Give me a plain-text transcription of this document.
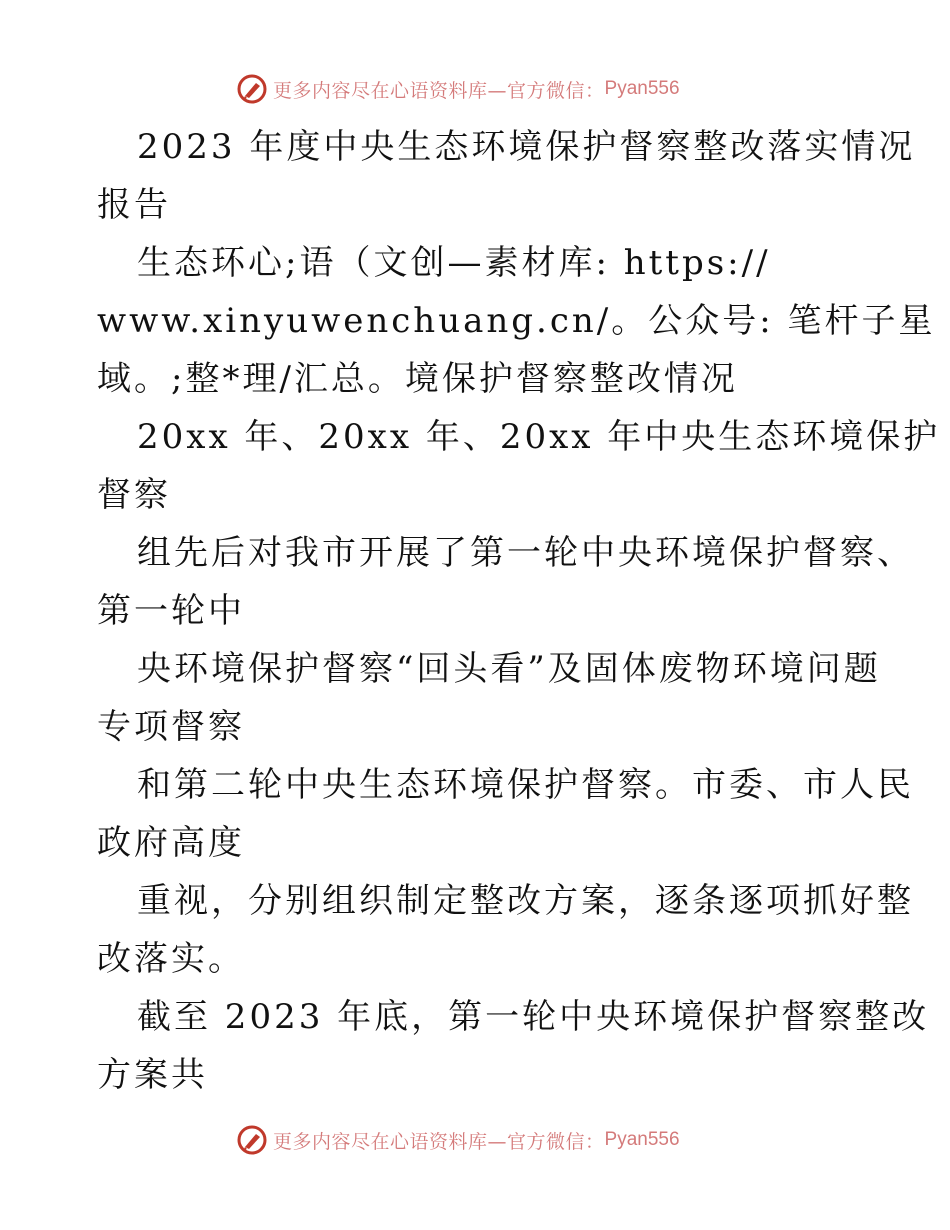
更多内容尽在心语资料库—官方微信： Pyan556
2023 年度中央生态环境保护督察整改落实情况
报告
生态环心;语（文创—素材库: https://
www.xinyuwenchuang.cn/。公众号: 笔杆子星
域。;整*理/汇总。境保护督察整改情况
20xx 年、20xx 年、20xx 年中央生态环境保护
督察
组先后对我市开展了第一轮中央环境保护督察、
第一轮中
央环境保护督察“回头看”及固体废物环境问题
专项督察
和第二轮中央生态环境保护督察。市委、市人民
政府高度
重视，分别组织制定整改方案，逐条逐项抓好整
改落实。
截至 2023 年底，第一轮中央环境保护督察整改
方案共
更多内容尽在心语资料库—官方微信： Pyan556
